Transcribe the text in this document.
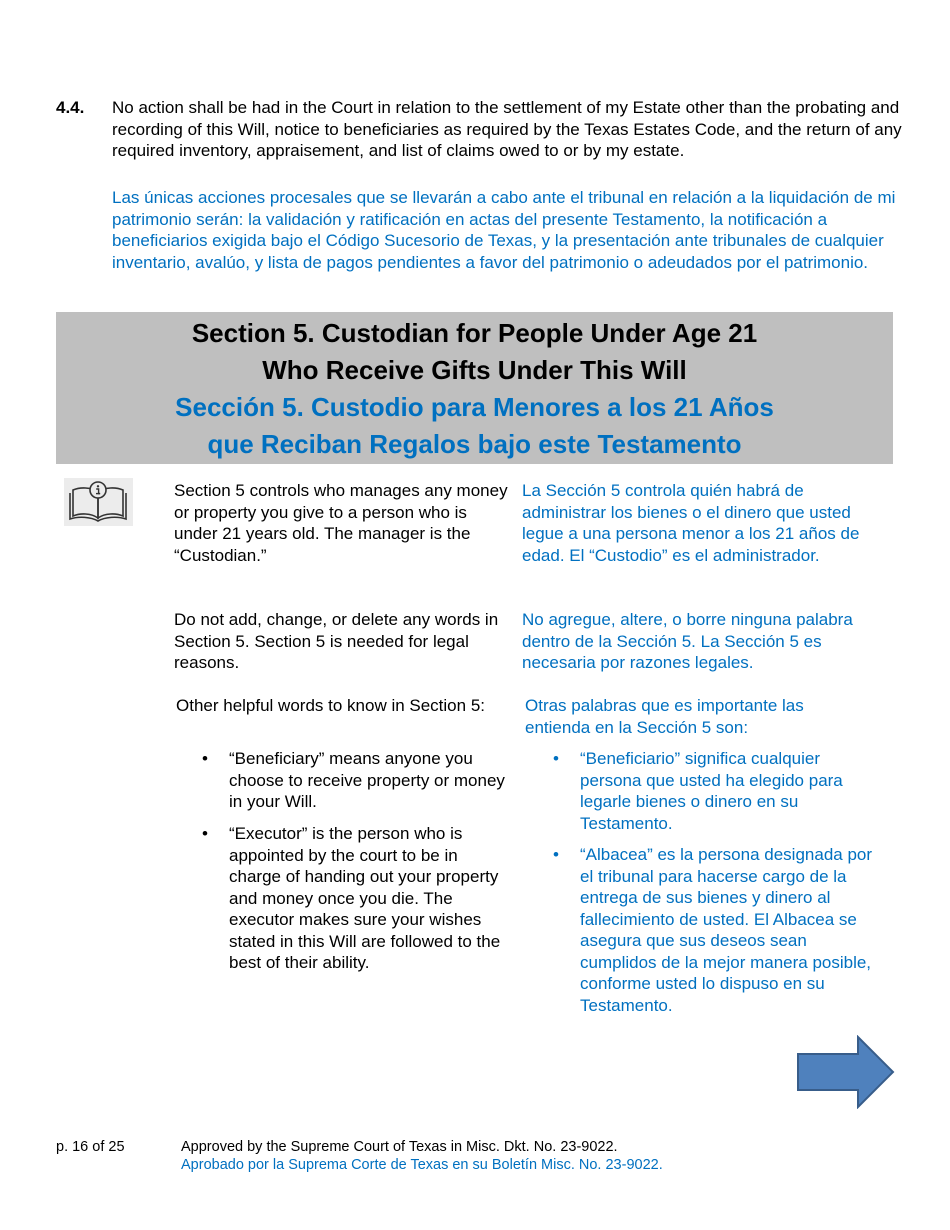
4.4. No action shall be had in the Court in relation to the settlement of my Estate other than the probating and recording of this Will, notice to beneficiaries as required by the Texas Estates Code, and the return of any required inventory, appraisement, and list of claims owed to or by my estate.
Las únicas acciones procesales que se llevarán a cabo ante el tribunal en relación a la liquidación de mi patrimonio serán: la validación y ratificación en actas del presente Testamento, la notificación a beneficiarios exigida bajo el Código Sucesorio de Texas, y la presentación ante tribunales de cualquier inventario, avalúo, y lista de pagos pendientes a favor del patrimonio o adeudados por el patrimonio.
Section 5. Custodian for People Under Age 21
Who Receive Gifts Under This Will
Sección 5. Custodio para Menores a los 21 Años
que Reciban Regalos bajo este Testamento
Section 5 controls who manages any money or property you give to a person who is under 21 years old. The manager is the “Custodian.”
La Sección 5 controla quién habrá de administrar los bienes o el dinero que usted legue a una persona menor a los 21 años de edad. El “Custodio” es el administrador.
Do not add, change, or delete any words in Section 5. Section 5 is needed for legal reasons.
No agregue, altere, o borre ninguna palabra dentro de la Sección 5. La Sección 5 es necesaria por razones legales.
Other helpful words to know in Section 5:	Otras palabras que es importante las entienda en la Sección 5 son:
• “Beneficiary” means anyone you choose to receive property or money in your Will.
• “Executor” is the person who is appointed by the court to be in charge of handing out your property and money once you die. The executor makes sure your wishes stated in this Will are followed to the best of their ability.
• “Beneficiario” significa cualquier persona que usted ha elegido para legarle bienes o dinero en su Testamento.
• “Albacea” es la persona designada por el tribunal para hacerse cargo de la entrega de sus bienes y dinero al fallecimiento de usted. El Albacea se asegura que sus deseos sean cumplidos de la mejor manera posible, conforme usted lo dispuso en su Testamento.
p. 16 of 25	Approved by the Supreme Court of Texas in Misc. Dkt. No. 23-9022.
Aprobado por la Suprema Corte de Texas en su Boletín Misc. No. 23-9022.
